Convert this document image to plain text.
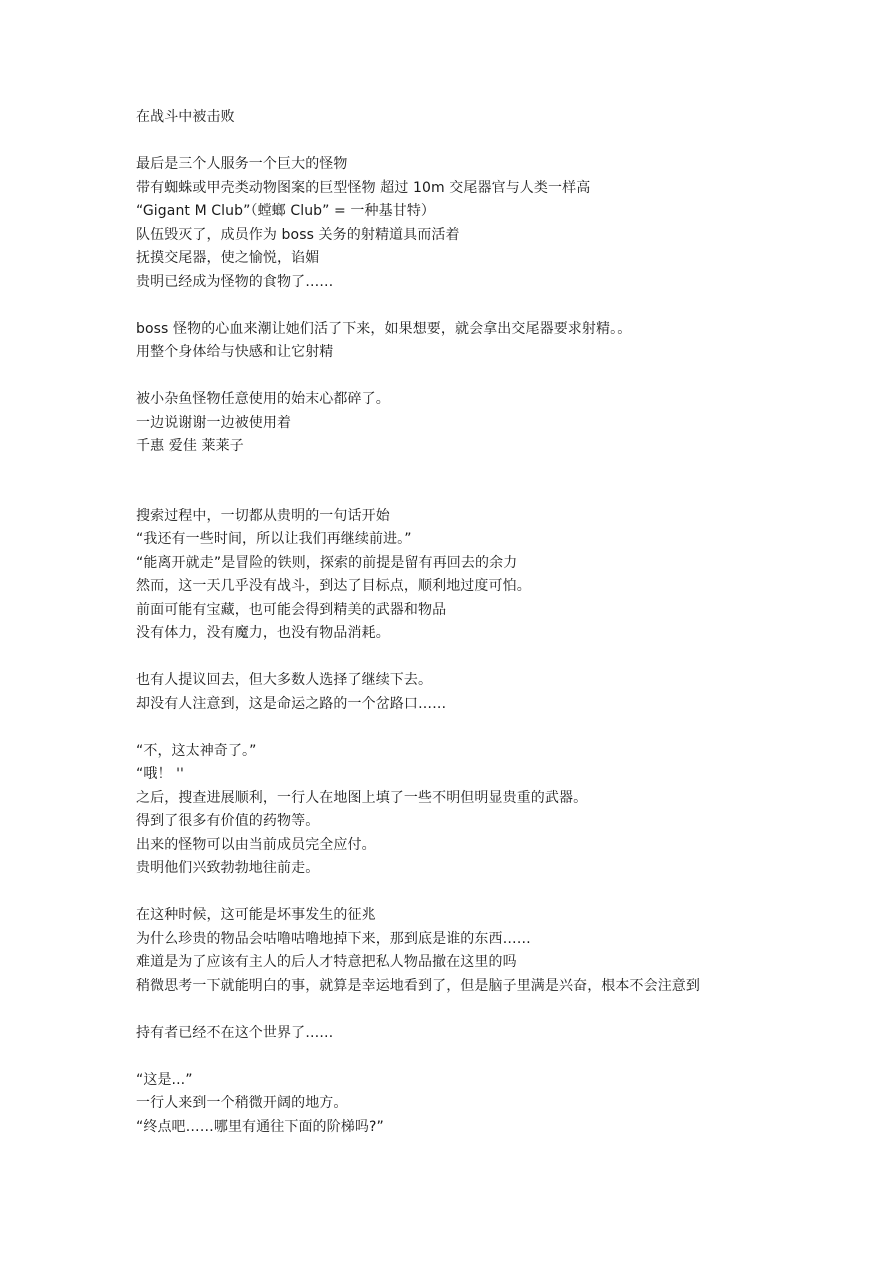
在战斗中被击败
最后是三个人服务一个巨大的怪物
带有蜘蛛或甲壳类动物图案的巨型怪物 超过 10m 交尾器官与人类一样高
“Gigant M Club”（螳螂 Club” = 一种基甘特）
队伍毁灭了，成员作为 boss 关务的射精道具而活着
抚摸交尾器，使之愉悦，谄媚
贵明已经成为怪物的食物了……
boss 怪物的心血来潮让她们活了下来，如果想要，就会拿出交尾器要求射精。。
用整个身体给与快感和让它射精
被小杂鱼怪物任意使用的始末心都碎了。
一边说谢谢一边被使用着
千惠 爱佳 莱莱子
搜索过程中，一切都从贵明的一句话开始
“我还有一些时间，所以让我们再继续前进。”
“能离开就走”是冒险的铁则，探索的前提是留有再回去的余力
然而，这一天几乎没有战斗，到达了目标点，顺利地过度可怕。
前面可能有宝藏，也可能会得到精美的武器和物品
没有体力，没有魔力，也没有物品消耗。
也有人提议回去，但大多数人选择了继续下去。
却没有人注意到，这是命运之路的一个岔路口……
“不，这太神奇了。”
“哦！ ''
之后，搜查进展顺利，一行人在地图上填了一些不明但明显贵重的武器。
得到了很多有价值的药物等。
出来的怪物可以由当前成员完全应付。
贵明他们兴致勃勃地往前走。
在这种时候，这可能是坏事发生的征兆
为什么珍贵的物品会咕噜咕噜地掉下来，那到底是谁的东西……
难道是为了应该有主人的后人才特意把私人物品撤在这里的吗
稍微思考一下就能明白的事，就算是幸运地看到了，但是脑子里满是兴奋，根本不会注意到
持有者已经不在这个世界了……
“这是...”
一行人来到一个稍微开阔的地方。
“终点吧……哪里有通往下面的阶梯吗?”
